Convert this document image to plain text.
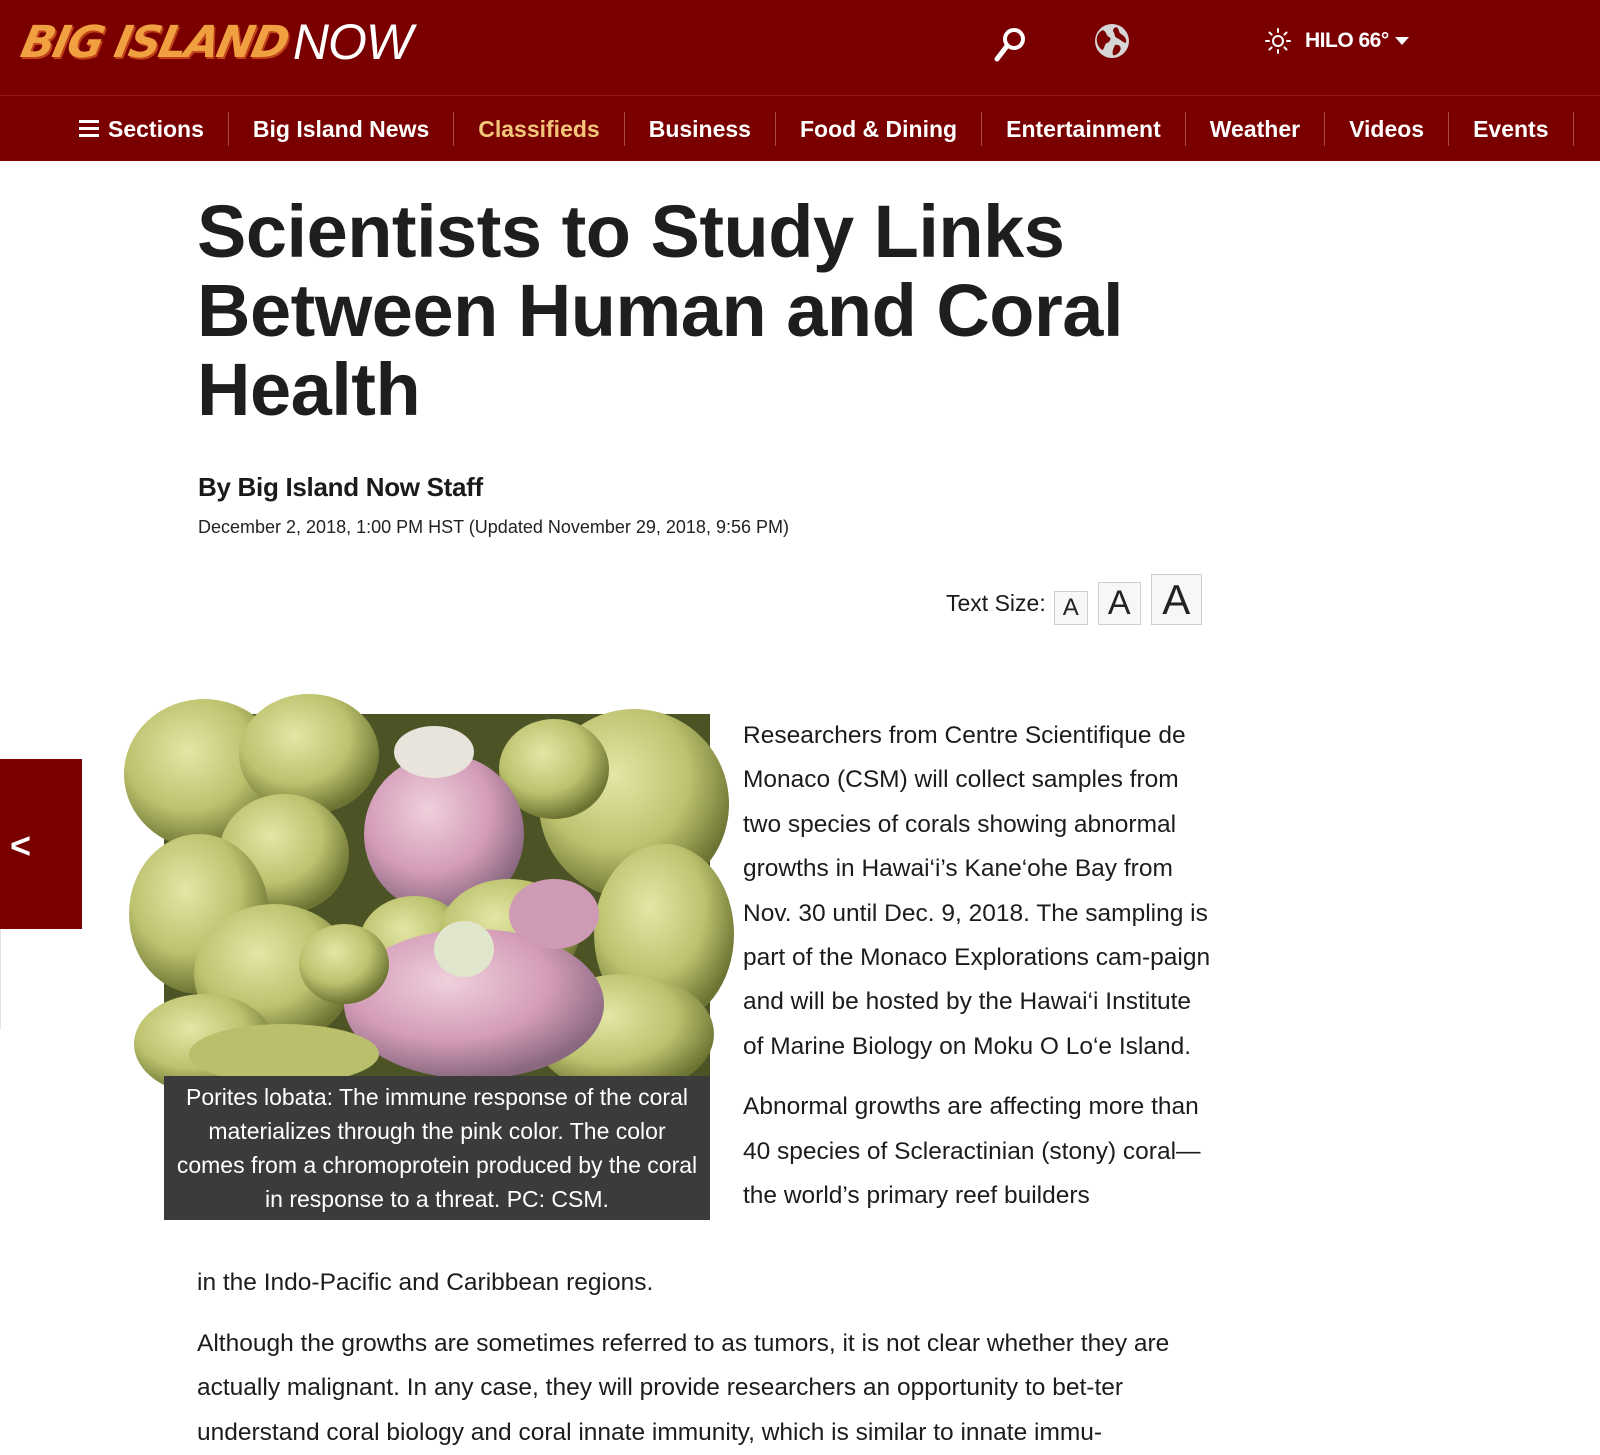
BIG ISLAND NOW	HILO 66°
Sections Big Island News Classifieds Business Food & Dining Entertainment Weather Videos Events
Scientists to Study Links Between Human and Coral Health
By Big Island Now Staff
December 2, 2018, 1:00 PM HST (Updated November 29, 2018, 9:56 PM)
Text Size: A A A
<
Porites lobata: The immune response of the coral materializes through the pink color. The color comes from a chromoprotein produced by the coral in response to a threat. PC: CSM.

Researchers from Centre Scientifique de Monaco (CSM) will collect samples from two species of corals showing abnormal growths in Hawai‘i’s Kane‘ohe Bay from Nov. 30 until Dec. 9, 2018. The sampling is part of the Monaco Explorations cam-paign and will be hosted by the Hawai‘i Institute of Marine Biology on Moku O Lo‘e Island.

Abnormal growths are affecting more than 40 species of Scleractinian (stony) coral—the world’s primary reef builders

in the Indo-Pacific and Caribbean regions.
Although the growths are sometimes referred to as tumors, it is not clear whether they are actually malignant. In any case, they will provide researchers an opportunity to bet-ter understand coral biology and coral innate immunity, which is similar to innate immu-
